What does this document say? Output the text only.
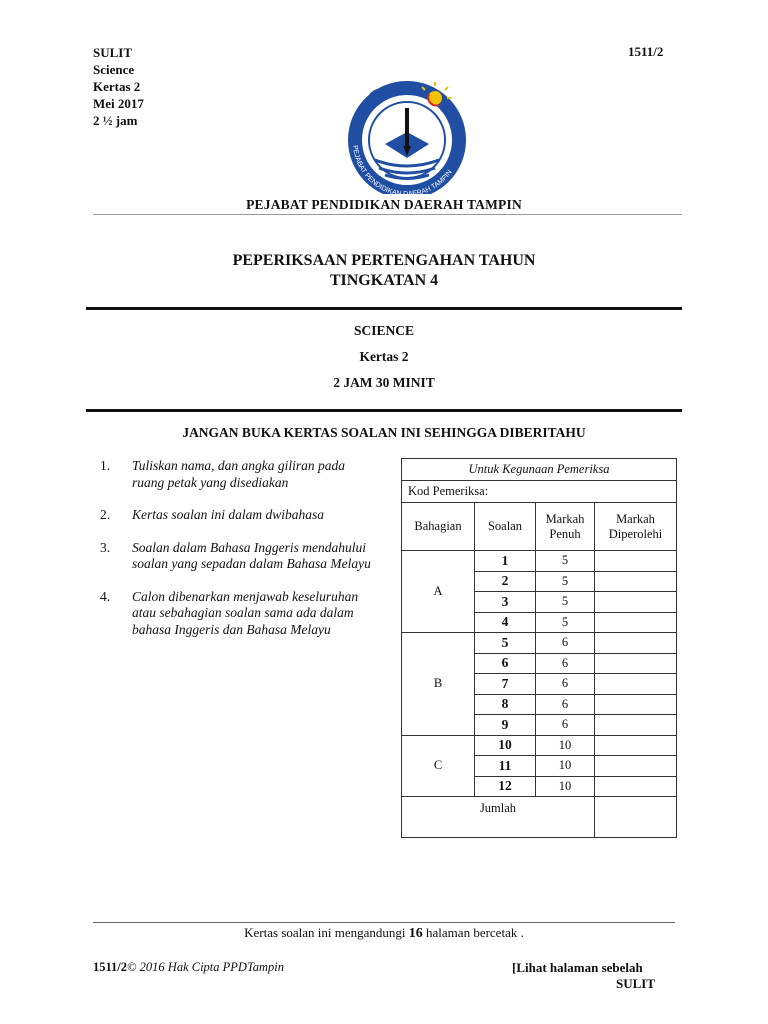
SULIT
Science
Kertas 2
Mei 2017
2 ½ jam
1511/2
PPD
PEJABAT PENDIDIKAN ERAH TAMPIN
PEJABAT PENDIDIKAN DAERAH TAMPIN
PEPERIKSAAN PERTENGAHAN TAHUN
TINGKATAN 4
SCIENCE
Kertas 2
2 JAM 30 MINIT
JANGAN BUKA KERTAS SOALAN INI SEHINGGA DIBERITAHU
1.	Tuliskan nama, dan angka giliran pada ruang petak yang disediakan
2.	Kertas soalan ini dalam dwibahasa
3.	Soalan dalam Bahasa Inggeris mendahului soalan yang sepadan dalam Bahasa Melayu
4.	Calon dibenarkan menjawab keseluruhan atau sebahagian soalan sama ada dalam bahasa Inggeris dan Bahasa Melayu
Untuk Kegunaan Pemeriksa			
Kod Pemeriksa:			
Bahagian	Soalan	Markah Penuh	Markah Diperolehi
A	1	5	
	2	5	
	3	5	
	4	5	
B	5	6	
	6	6	
	7	6	
	8	6	
	9	6	
C	10	10	
	11	10	
	12	10	
Jumlah			
Kertas soalan ini mengandungi 16 halaman bercetak .
1511/2© 2016 Hak Cipta PPDTampin	[Lihat halaman sebelah
SULIT
